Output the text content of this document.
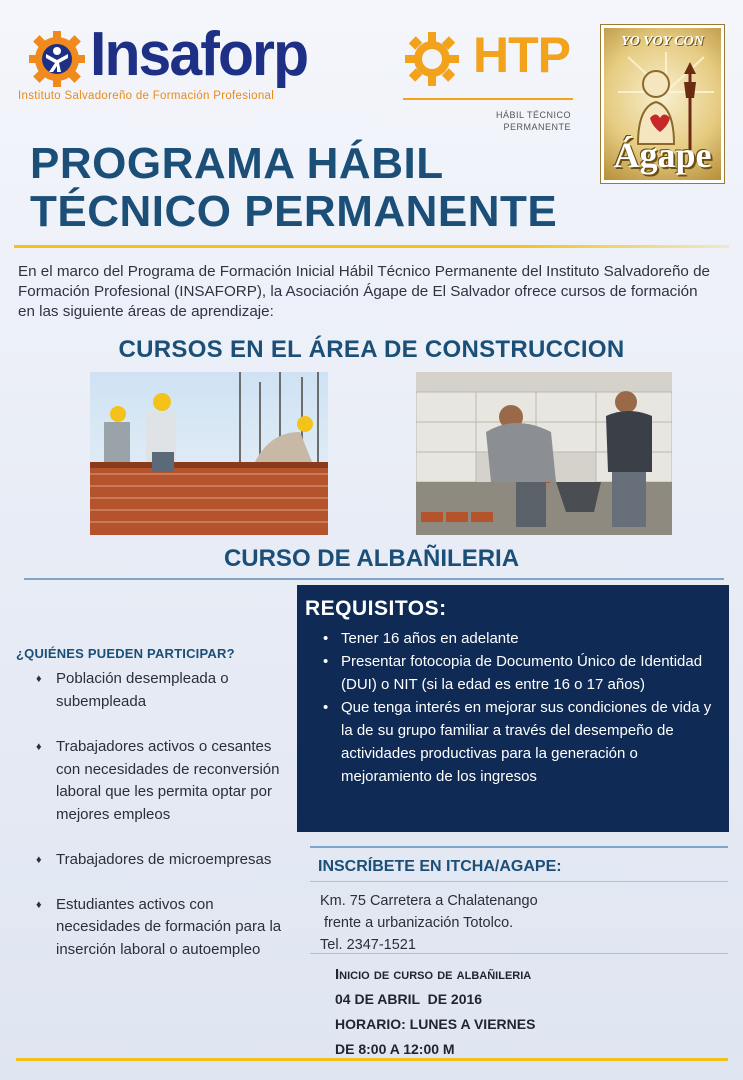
Insaforp
Instituto Salvadoreño de Formación Profesional
HTP
HÁBIL TÉCNICO
PERMANENTE
YO VOY CON
Ágape
PROGRAMA HÁBIL
TÉCNICO PERMANENTE

En el marco del Programa de Formación Inicial Hábil Técnico Permanente del Instituto Salvadoreño de Formación Profesional (INSAFORP), la Asociación Ágape de El Salvador ofrece cursos de formación en las siguiente áreas de aprendizaje:

CURSOS EN EL ÁREA DE CONSTRUCCION
CURSO DE ALBAÑILERIA
REQUISITOS:
• Tener 16 años en adelante
• Presentar fotocopia de Documento Único de Identidad (DUI) o NIT (si la edad es entre 16 o 17 años)
• Que tenga interés en mejorar sus condiciones de vida y la de su grupo familiar a través del desempeño de actividades productivas para la generación o mejoramiento de los ingresos
¿QUIÉNES PUEDEN PARTICIPAR?
♦ Población desempleada o subempleada
♦ Trabajadores activos o cesantes con necesidades de reconversión laboral que les permita optar por mejores empleos
♦ Trabajadores de microempresas
♦ Estudiantes activos con necesidades de formación para la inserción laboral o autoempleo
INSCRÍBETE EN ITCHA/AGAPE:
Km. 75 Carretera a Chalatenango
frente a urbanización Totolco.
Tel. 2347-1521
Inicio de curso de albañileria
04 DE ABRIL  DE 2016
HORARIO: LUNES A VIERNES
DE 8:00 A 12:00 M
